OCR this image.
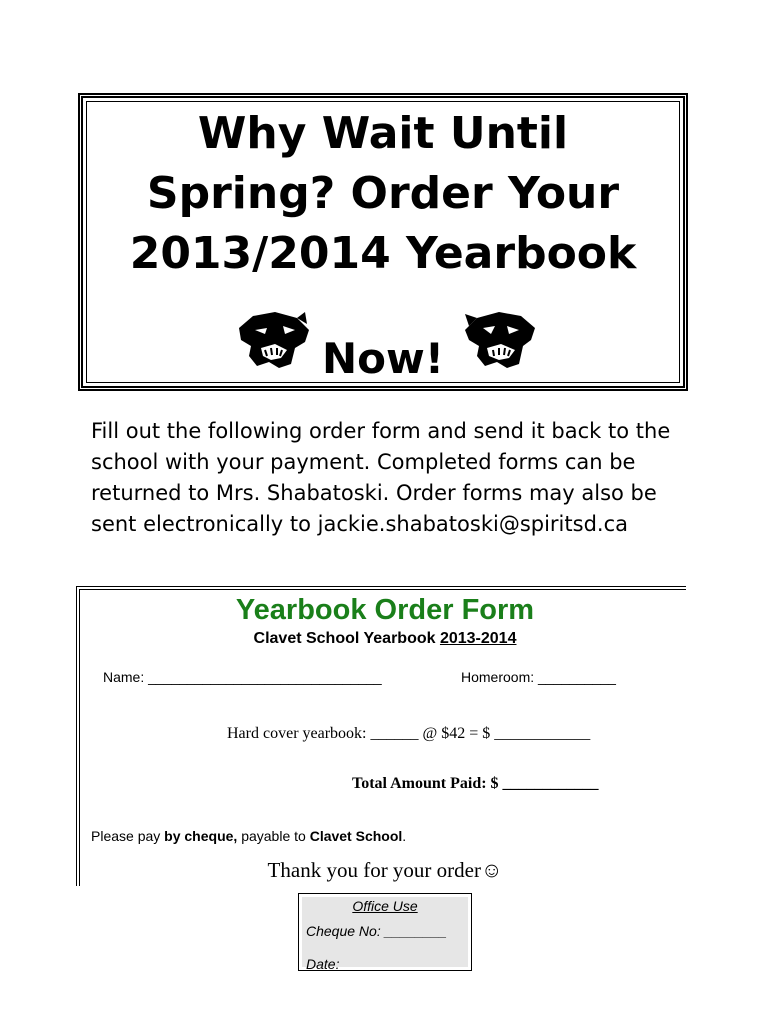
Why Wait Until
Spring? Order Your
2013/2014 Yearbook
Now!
Fill out the following order form and send it back to the school with your payment. Completed forms can be returned to Mrs. Shabatoski. Order forms may also be sent electronically to jackie.shabatoski@spiritsd.ca
Yearbook Order Form
Clavet School Yearbook 2013-2014
Name: ______________________________	Homeroom: __________
Hard cover yearbook: ______ @ $42 = $ ____________
Total Amount Paid: $ ____________
Please pay by cheque, payable to Clavet School.
Thank you for your order☺
Office Use
Cheque No: ________
Date: ______________
